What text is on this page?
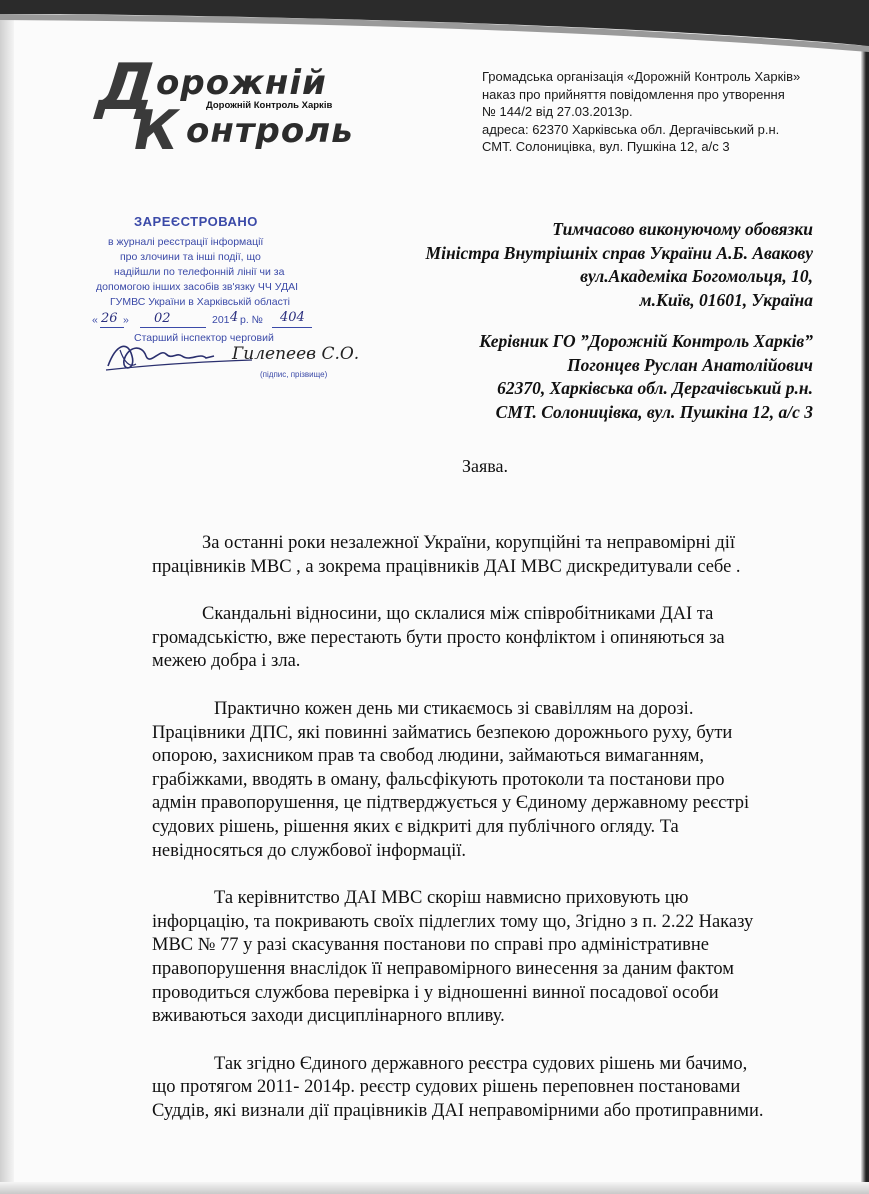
Д
орожній
Дорожній Контроль Харків
К онтроль
Громадська організація «Дорожній Контроль Харків»
наказ про прийняття повідомлення про утворення
№ 144/2 від 27.03.2013р.
адреса: 62370 Харківська обл. Дергачівський р.н.
СМТ. Солоницівка, вул. Пушкіна 12, а/с 3
ЗАРЕЄСТРОВАНО
в журналі реєстрації інформації
про злочини та інші події, що
надійшли по телефонній лінії чи за
допомогою інших засобів зв'язку ЧЧ УДАІ
ГУМВС України в Харківській області
« 26 » 02	201 4 р. № 404
Старший інспектор черговий
Гилепеев С.О.
(підпис, прізвище)
Тимчасово виконуючому обовязки
Міністра Внутрішніх справ України А.Б. Авакову
вул.Академіка Богомольця, 10,
м.Київ, 01601, Україна
Керівник ГО ”Дорожній Контроль Харків”
Погонцев Руслан Анатолійович
62370, Харківська обл. Дергачівський р.н.
СМТ. Солоницівка, вул. Пушкіна 12, а/с 3
Заява.
За останні роки незалежної України, корупційні та неправомірні дії
працівників МВС , а зокрема працівників ДАІ МВС дискредитували себе .
Скандальні відносини, що склалися між співробітниками ДАІ та
громадськістю, вже перестають бути просто конфліктом і опиняються за
межею добра і зла.
Практично кожен день ми стикаємось зі свавіллям на дорозі.
Працівники ДПС, які повинні займатись безпекою дорожнього руху, бути
опорою, захисником прав та свобод людини, займаються вимаганням,
грабіжками, вводять в оману, фальсфікують протоколи та постанови про
адмін правопорушення, це підтверджується у Єдиному державному реєстрі
судових рішень, рішення яких є відкриті для публічного огляду. Та
невідносяться до службової інформації.
Та керівнитство ДАІ МВС скоріш навмисно приховують цю
інфорцацію, та покривають своїх підлеглих тому що, Згідно з п. 2.22 Наказу
МВС № 77 у разі скасування постанови по справі про адміністративне
правопорушення внаслідок її неправомірного винесення за даним фактом
проводиться службова перевірка і у відношенні винної посадової особи
вживаються заходи дисциплінарного впливу.
Так згідно Єдиного державного реєстра судових рішень ми бачимо,
що протягом 2011- 2014р. реєстр судових рішень переповнен постановами
Суддів, які визнали дії працівників ДАІ неправомірними або протиправними.
